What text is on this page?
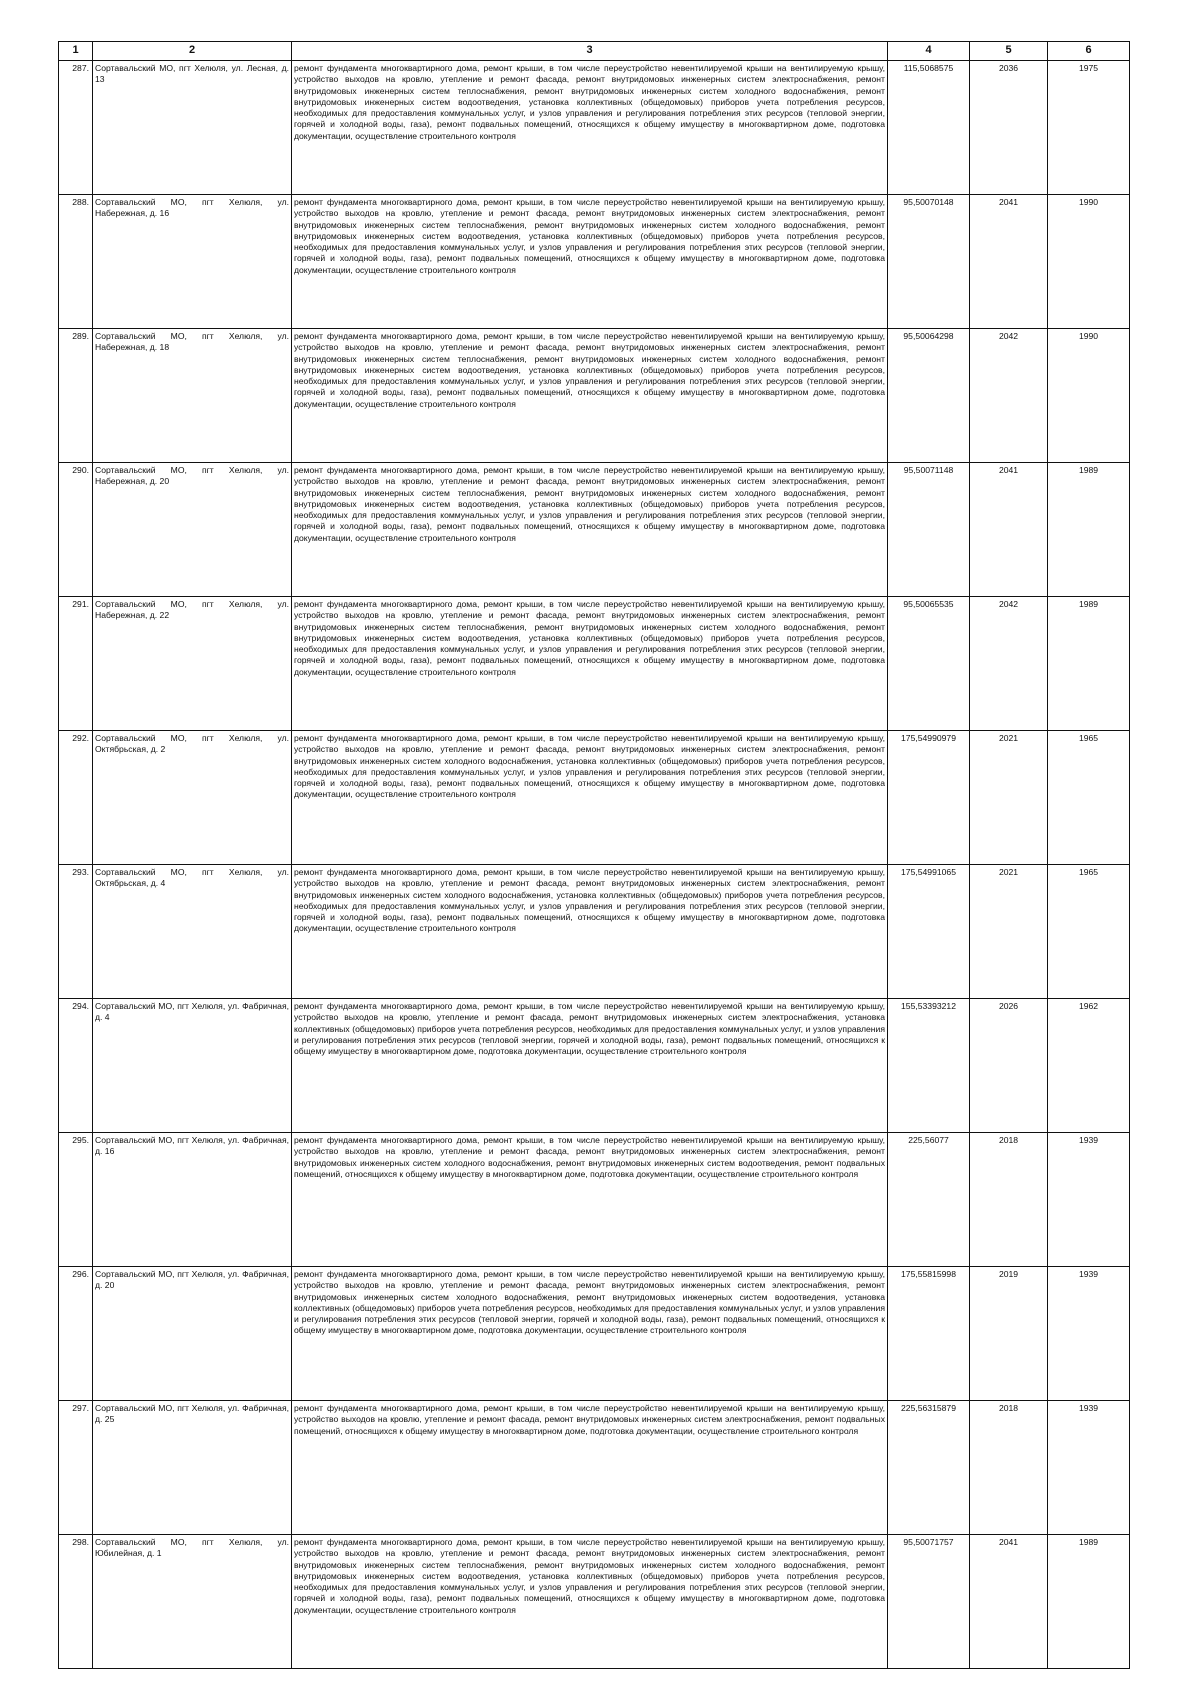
1	2	3	4	5	6
287.	Сортавальский МО, пгт Хелюля, ул. Лесная, д. 13	ремонт фундамента многоквартирного дома, ремонт крыши, в том числе переустройство невентилируемой крыши на вентилируемую крышу, устройство выходов на кровлю, утепление и ремонт фасада, ремонт внутридомовых инженерных систем электроснабжения, ремонт внутридомовых инженерных систем теплоснабжения, ремонт внутридомовых инженерных систем холодного водоснабжения, ремонт внутридомовых инженерных систем водоотведения, установка коллективных (общедомовых) приборов учета потребления ресурсов, необходимых для предоставления коммунальных услуг, и узлов управления и регулирования потребления этих ресурсов (тепловой энергии, горячей и холодной воды, газа), ремонт подвальных помещений, относящихся к общему имуществу в многоквартирном доме, подготовка документации, осуществление строительного контроля	115,5068575	2036	1975
288.	Сортавальский МО, пгт Хелюля, ул. Набережная, д. 16	ремонт фундамента многоквартирного дома, ремонт крыши, в том числе переустройство невентилируемой крыши на вентилируемую крышу, устройство выходов на кровлю, утепление и ремонт фасада, ремонт внутридомовых инженерных систем электроснабжения, ремонт внутридомовых инженерных систем теплоснабжения, ремонт внутридомовых инженерных систем холодного водоснабжения, ремонт внутридомовых инженерных систем водоотведения, установка коллективных (общедомовых) приборов учета потребления ресурсов, необходимых для предоставления коммунальных услуг, и узлов управления и регулирования потребления этих ресурсов (тепловой энергии, горячей и холодной воды, газа), ремонт подвальных помещений, относящихся к общему имуществу в многоквартирном доме, подготовка документации, осуществление строительного контроля	95,50070148	2041	1990
289.	Сортавальский МО, пгт Хелюля, ул. Набережная, д. 18	ремонт фундамента многоквартирного дома, ремонт крыши, в том числе переустройство невентилируемой крыши на вентилируемую крышу, устройство выходов на кровлю, утепление и ремонт фасада, ремонт внутридомовых инженерных систем электроснабжения, ремонт внутридомовых инженерных систем теплоснабжения, ремонт внутридомовых инженерных систем холодного водоснабжения, ремонт внутридомовых инженерных систем водоотведения, установка коллективных (общедомовых) приборов учета потребления ресурсов, необходимых для предоставления коммунальных услуг, и узлов управления и регулирования потребления этих ресурсов (тепловой энергии, горячей и холодной воды, газа), ремонт подвальных помещений, относящихся к общему имуществу в многоквартирном доме, подготовка документации, осуществление строительного контроля	95,50064298	2042	1990
290.	Сортавальский МО, пгт Хелюля, ул. Набережная, д. 20	ремонт фундамента многоквартирного дома, ремонт крыши, в том числе переустройство невентилируемой крыши на вентилируемую крышу, устройство выходов на кровлю, утепление и ремонт фасада, ремонт внутридомовых инженерных систем электроснабжения, ремонт внутридомовых инженерных систем теплоснабжения, ремонт внутридомовых инженерных систем холодного водоснабжения, ремонт внутридомовых инженерных систем водоотведения, установка коллективных (общедомовых) приборов учета потребления ресурсов, необходимых для предоставления коммунальных услуг, и узлов управления и регулирования потребления этих ресурсов (тепловой энергии, горячей и холодной воды, газа), ремонт подвальных помещений, относящихся к общему имуществу в многоквартирном доме, подготовка документации, осуществление строительного контроля	95,50071148	2041	1989
291.	Сортавальский МО, пгт Хелюля, ул. Набережная, д. 22	ремонт фундамента многоквартирного дома, ремонт крыши, в том числе переустройство невентилируемой крыши на вентилируемую крышу, устройство выходов на кровлю, утепление и ремонт фасада, ремонт внутридомовых инженерных систем электроснабжения, ремонт внутридомовых инженерных систем теплоснабжения, ремонт внутридомовых инженерных систем холодного водоснабжения, ремонт внутридомовых инженерных систем водоотведения, установка коллективных (общедомовых) приборов учета потребления ресурсов, необходимых для предоставления коммунальных услуг, и узлов управления и регулирования потребления этих ресурсов (тепловой энергии, горячей и холодной воды, газа), ремонт подвальных помещений, относящихся к общему имуществу в многоквартирном доме, подготовка документации, осуществление строительного контроля	95,50065535	2042	1989
292.	Сортавальский МО, пгт Хелюля, ул. Октябрьская, д. 2	ремонт фундамента многоквартирного дома, ремонт крыши, в том числе переустройство невентилируемой крыши на вентилируемую крышу, устройство выходов на кровлю, утепление и ремонт фасада, ремонт внутридомовых инженерных систем электроснабжения, ремонт внутридомовых инженерных систем холодного водоснабжения, установка коллективных (общедомовых) приборов учета потребления ресурсов, необходимых для предоставления коммунальных услуг, и узлов управления и регулирования потребления этих ресурсов (тепловой энергии, горячей и холодной воды, газа), ремонт подвальных помещений, относящихся к общему имуществу в многоквартирном доме, подготовка документации, осуществление строительного контроля	175,54990979	2021	1965
293.	Сортавальский МО, пгт Хелюля, ул. Октябрьская, д. 4	ремонт фундамента многоквартирного дома, ремонт крыши, в том числе переустройство невентилируемой крыши на вентилируемую крышу, устройство выходов на кровлю, утепление и ремонт фасада, ремонт внутридомовых инженерных систем электроснабжения, ремонт внутридомовых инженерных систем холодного водоснабжения, установка коллективных (общедомовых) приборов учета потребления ресурсов, необходимых для предоставления коммунальных услуг, и узлов управления и регулирования потребления этих ресурсов (тепловой энергии, горячей и холодной воды, газа), ремонт подвальных помещений, относящихся к общему имуществу в многоквартирном доме, подготовка документации, осуществление строительного контроля	175,54991065	2021	1965
294.	Сортавальский МО, пгт Хелюля, ул. Фабричная, д. 4	ремонт фундамента многоквартирного дома, ремонт крыши, в том числе переустройство невентилируемой крыши на вентилируемую крышу, устройство выходов на кровлю, утепление и ремонт фасада, ремонт внутридомовых инженерных систем электроснабжения, установка коллективных (общедомовых) приборов учета потребления ресурсов, необходимых для предоставления коммунальных услуг, и узлов управления и регулирования потребления этих ресурсов (тепловой энергии, горячей и холодной воды, газа), ремонт подвальных помещений, относящихся к общему имуществу в многоквартирном доме, подготовка документации, осуществление строительного контроля	155,53393212	2026	1962
295.	Сортавальский МО, пгт Хелюля, ул. Фабричная, д. 16	ремонт фундамента многоквартирного дома, ремонт крыши, в том числе переустройство невентилируемой крыши на вентилируемую крышу, устройство выходов на кровлю, утепление и ремонт фасада, ремонт внутридомовых инженерных систем электроснабжения, ремонт внутридомовых инженерных систем холодного водоснабжения, ремонт внутридомовых инженерных систем водоотведения, ремонт подвальных помещений, относящихся к общему имуществу в многоквартирном доме, подготовка документации, осуществление строительного контроля	225,56077	2018	1939
296.	Сортавальский МО, пгт Хелюля, ул. Фабричная, д. 20	ремонт фундамента многоквартирного дома, ремонт крыши, в том числе переустройство невентилируемой крыши на вентилируемую крышу, устройство выходов на кровлю, утепление и ремонт фасада, ремонт внутридомовых инженерных систем электроснабжения, ремонт внутридомовых инженерных систем холодного водоснабжения, ремонт внутридомовых инженерных систем водоотведения, установка коллективных (общедомовых) приборов учета потребления ресурсов, необходимых для предоставления коммунальных услуг, и узлов управления и регулирования потребления этих ресурсов (тепловой энергии, горячей и холодной воды, газа), ремонт подвальных помещений, относящихся к общему имуществу в многоквартирном доме, подготовка документации, осуществление строительного контроля	175,55815998	2019	1939
297.	Сортавальский МО, пгт Хелюля, ул. Фабричная, д. 25	ремонт фундамента многоквартирного дома, ремонт крыши, в том числе переустройство невентилируемой крыши на вентилируемую крышу, устройство выходов на кровлю, утепление и ремонт фасада, ремонт внутридомовых инженерных систем электроснабжения, ремонт подвальных помещений, относящихся к общему имуществу в многоквартирном доме, подготовка документации, осуществление строительного контроля	225,56315879	2018	1939
298.	Сортавальский МО, пгт Хелюля, ул. Юбилейная, д. 1	ремонт фундамента многоквартирного дома, ремонт крыши, в том числе переустройство невентилируемой крыши на вентилируемую крышу, устройство выходов на кровлю, утепление и ремонт фасада, ремонт внутридомовых инженерных систем электроснабжения, ремонт внутридомовых инженерных систем теплоснабжения, ремонт внутридомовых инженерных систем холодного водоснабжения, ремонт внутридомовых инженерных систем водоотведения, установка коллективных (общедомовых) приборов учета потребления ресурсов, необходимых для предоставления коммунальных услуг, и узлов управления и регулирования потребления этих ресурсов (тепловой энергии, горячей и холодной воды, газа), ремонт подвальных помещений, относящихся к общему имуществу в многоквартирном доме, подготовка документации, осуществление строительного контроля	95,50071757	2041	1989
